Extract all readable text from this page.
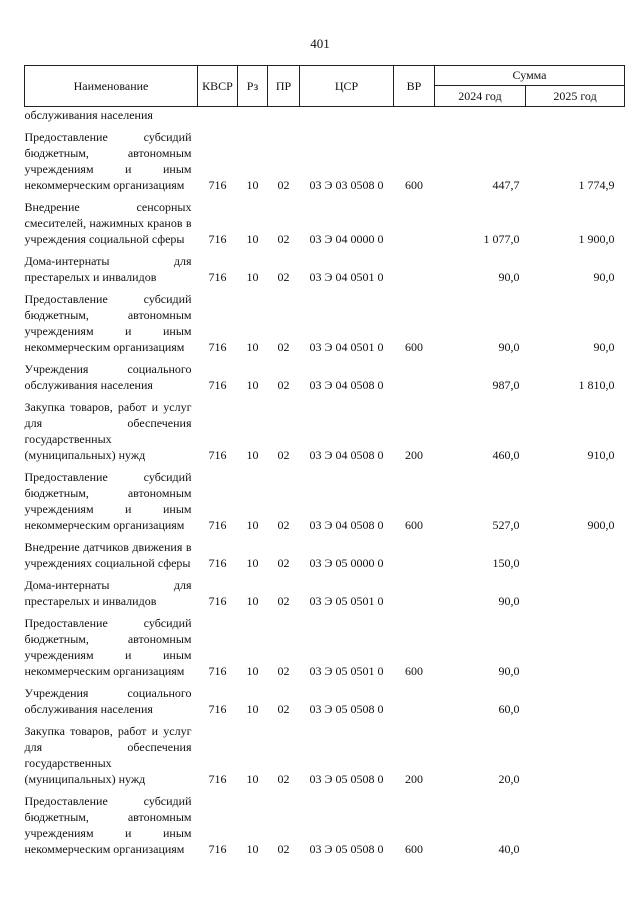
401
Наименование	КВСР	Рз	ПР	ЦСР	ВР	Сумма	
						2024 год	2025 год
обслуживания населения							
Предоставление субсидий бюджетным, автономным учреждениям и иным некоммерческим организациям	716	10	02	03 Э 03 0508 0	600	447,7	1 774,9
Внедрение сенсорных смесителей, нажимных кранов в учреждения социальной сферы	716	10	02	03 Э 04 0000 0		1 077,0	1 900,0
Дома-интернаты для престарелых и инвалидов	716	10	02	03 Э 04 0501 0		90,0	90,0
Предоставление субсидий бюджетным, автономным учреждениям и иным некоммерческим организациям	716	10	02	03 Э 04 0501 0	600	90,0	90,0
Учреждения социального обслуживания населения	716	10	02	03 Э 04 0508 0		987,0	1 810,0
Закупка товаров, работ и услуг для обеспечения государственных (муниципальных) нужд	716	10	02	03 Э 04 0508 0	200	460,0	910,0
Предоставление субсидий бюджетным, автономным учреждениям и иным некоммерческим организациям	716	10	02	03 Э 04 0508 0	600	527,0	900,0
Внедрение датчиков движения в учреждениях социальной сферы	716	10	02	03 Э 05 0000 0		150,0	
Дома-интернаты для престарелых и инвалидов	716	10	02	03 Э 05 0501 0		90,0	
Предоставление субсидий бюджетным, автономным учреждениям и иным некоммерческим организациям	716	10	02	03 Э 05 0501 0	600	90,0	
Учреждения социального обслуживания населения	716	10	02	03 Э 05 0508 0		60,0	
Закупка товаров, работ и услуг для обеспечения государственных (муниципальных) нужд	716	10	02	03 Э 05 0508 0	200	20,0	
Предоставление субсидий бюджетным, автономным учреждениям и иным некоммерческим организациям	716	10	02	03 Э 05 0508 0	600	40,0	
